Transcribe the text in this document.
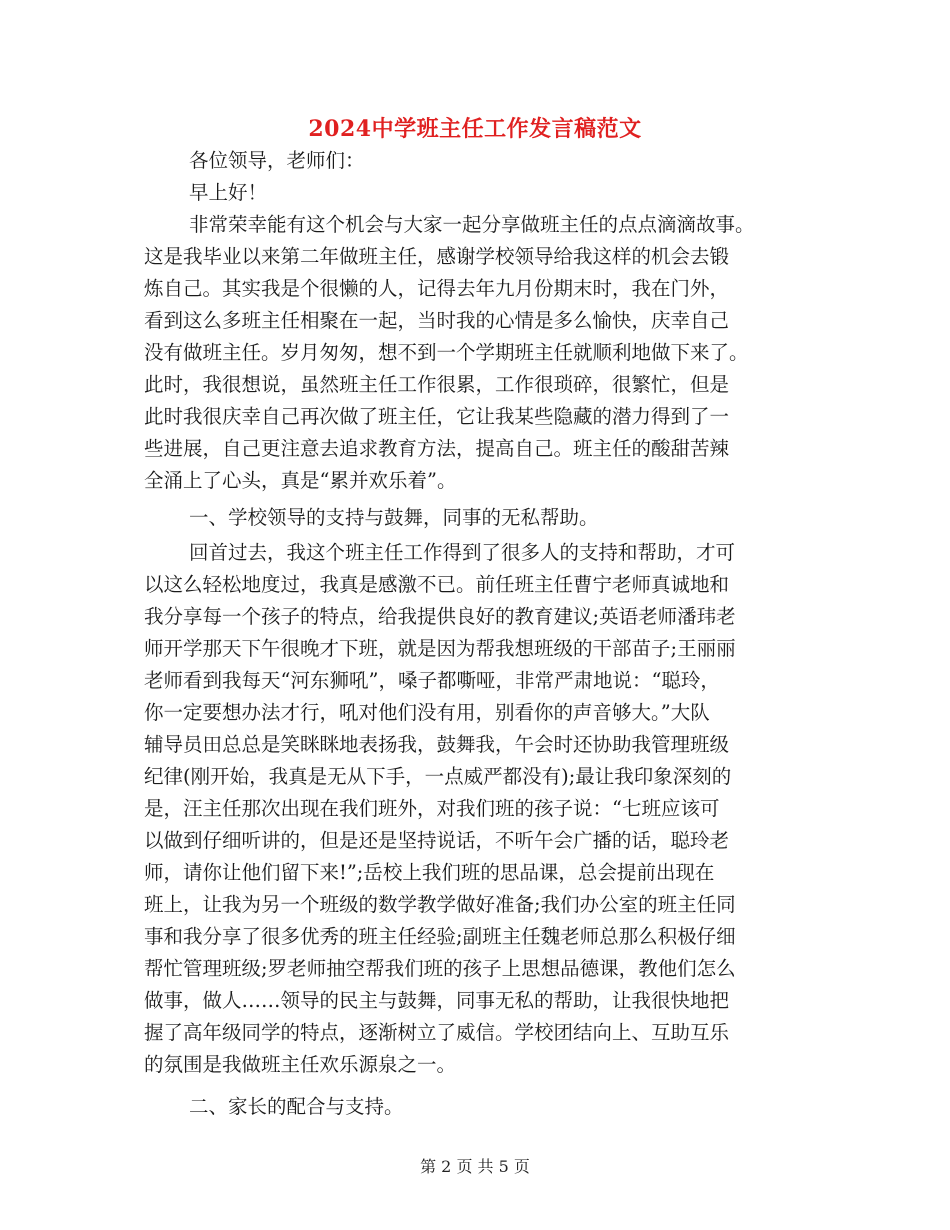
2024中学班主任工作发言稿范文

各位领导，老师们：

早上好！

非常荣幸能有这个机会与大家一起分享做班主任的点点滴滴故事。

这是我毕业以来第二年做班主任，感谢学校领导给我这样的机会去锻

炼自己。其实我是个很懒的人，记得去年九月份期末时，我在门外，

看到这么多班主任相聚在一起，当时我的心情是多么愉快，庆幸自己

没有做班主任。岁月匆匆，想不到一个学期班主任就顺利地做下来了。

此时，我很想说，虽然班主任工作很累，工作很琐碎，很繁忙，但是

此时我很庆幸自己再次做了班主任，它让我某些隐藏的潜力得到了一

些进展，自己更注意去追求教育方法，提高自己。班主任的酸甜苦辣

全涌上了心头，真是“累并欢乐着”。

一、学校领导的支持与鼓舞，同事的无私帮助。

回首过去，我这个班主任工作得到了很多人的支持和帮助，才可

以这么轻松地度过，我真是感激不已。前任班主任曹宁老师真诚地和

我分享每一个孩子的特点，给我提供良好的教育建议;英语老师潘玮老

师开学那天下午很晚才下班，就是因为帮我想班级的干部苗子;王丽丽

老师看到我每天“河东狮吼”，嗓子都嘶哑，非常严肃地说：“聪玲，

你一定要想办法才行，吼对他们没有用，别看你的声音够大。”大队

辅导员田总总是笑眯眯地表扬我，鼓舞我，午会时还协助我管理班级

纪律(刚开始，我真是无从下手，一点威严都没有);最让我印象深刻的

是，汪主任那次出现在我们班外，对我们班的孩子说：“七班应该可

以做到仔细听讲的，但是还是坚持说话，不听午会广播的话，聪玲老

师，请你让他们留下来!”;岳校上我们班的思品课，总会提前出现在

班上，让我为另一个班级的数学教学做好准备;我们办公室的班主任同

事和我分享了很多优秀的班主任经验;副班主任魏老师总那么积极仔细

帮忙管理班级;罗老师抽空帮我们班的孩子上思想品德课，教他们怎么

做事，做人……领导的民主与鼓舞，同事无私的帮助，让我很快地把

握了高年级同学的特点，逐渐树立了威信。学校团结向上、互助互乐

的氛围是我做班主任欢乐源泉之一。

二、家长的配合与支持。

第 2 页 共 5 页
